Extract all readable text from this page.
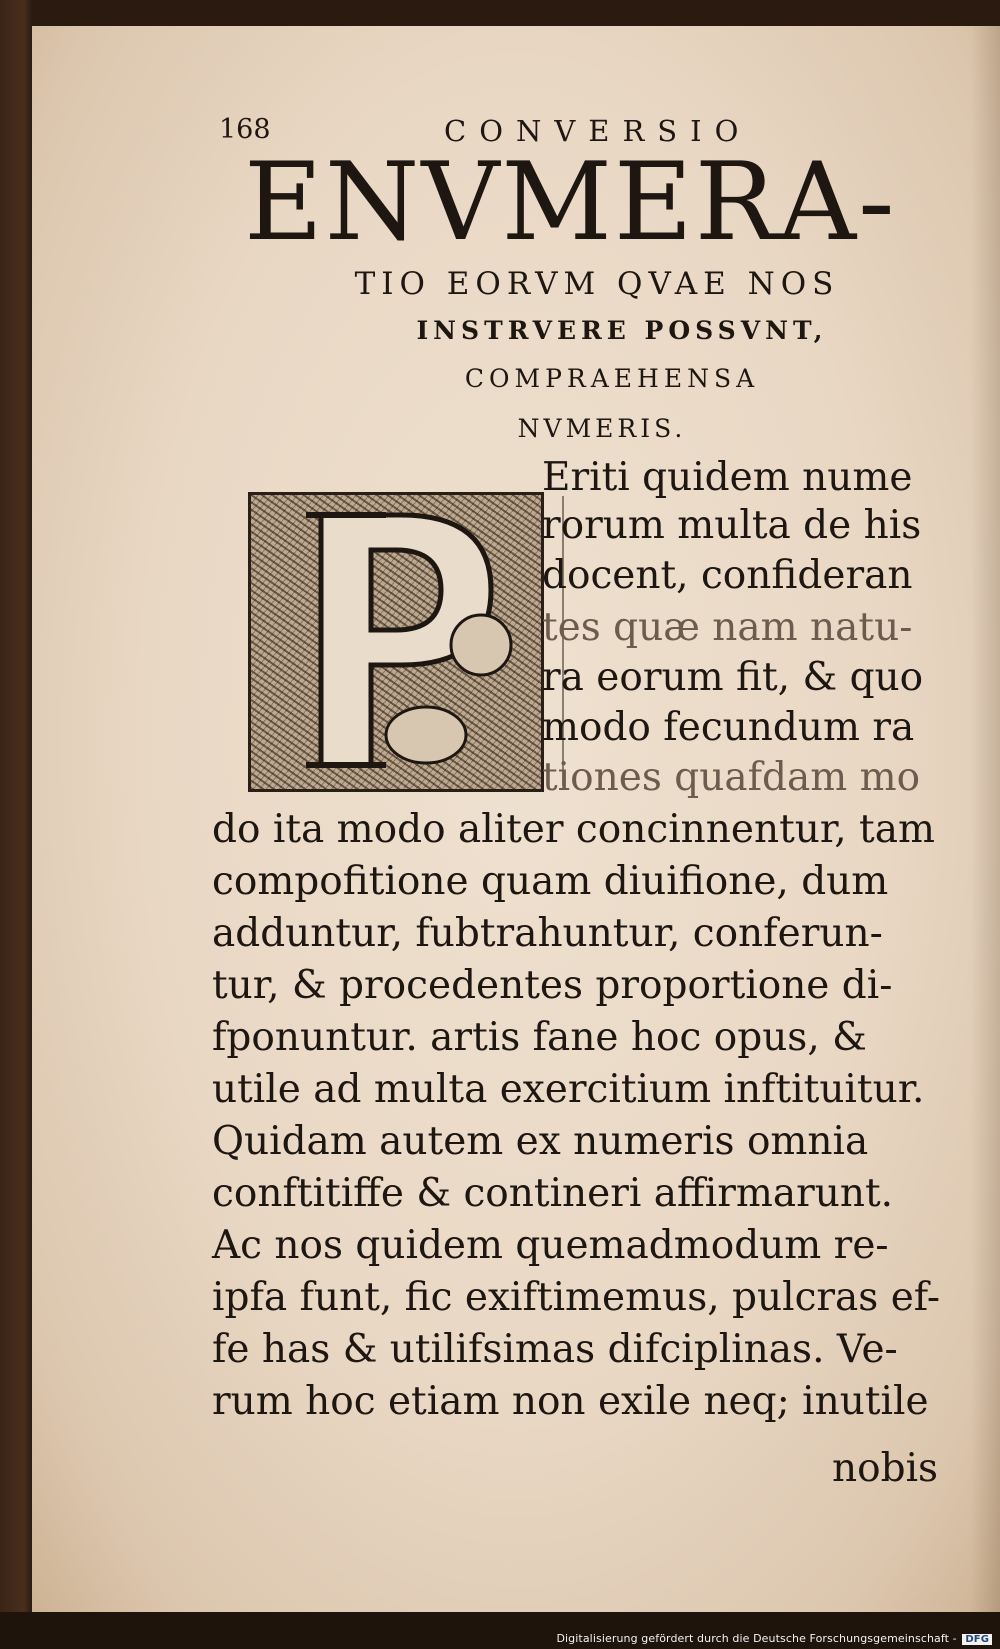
168	CONVERSIO
ENVMERA-
TIO EORVM QVAE NOS
INSTRVERE POSSVNT,
COMPRAEHENSA
NVMERIS.
Eriti quidem nume
rorum multa de his
docent, confideran
tes quæ nam natu-
ra eorum fit, & quo
modo fecundum ra
tiones quafdam mo
do ita modo aliter concinnentur, tam
compofitione quam diuifione, dum
adduntur, fubtrahuntur, conferun-
tur, & procedentes proportione di-
fponuntur. artis fane hoc opus, &
utile ad multa exercitium inftituitur.
Quidam autem ex numeris omnia
conftitiffe & contineri affirmarunt.
Ac nos quidem quemadmodum re-
ipfa funt, fic exiftimemus, pulcras ef-
fe has & utilifsimas difciplinas. Ve-
rum hoc etiam non exile neq; inutile
nobis
Digitalisierung gefördert durch die Deutsche Forschungsgemeinschaft - DFG
